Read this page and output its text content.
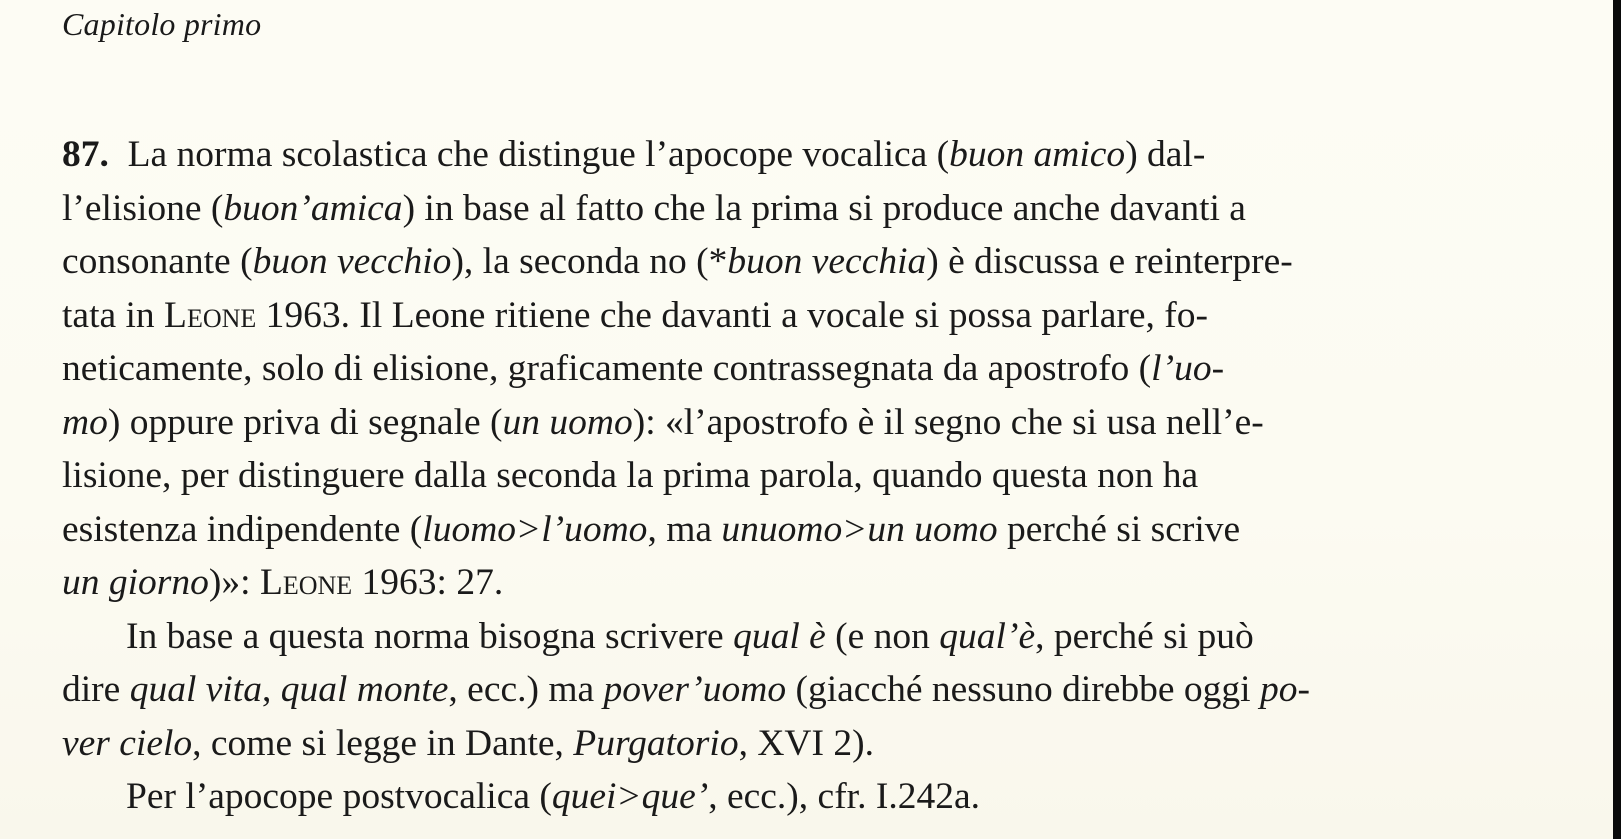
Capitolo primo
87. La norma scolastica che distingue l’apocope vocalica (buon amico) dal-
l’elisione (buon’amica) in base al fatto che la prima si produce anche davanti a
consonante (buon vecchio), la seconda no (*buon vecchia) è discussa e reinterpre-
tata in Leone 1963. Il Leone ritiene che davanti a vocale si possa parlare, fo-
neticamente, solo di elisione, graficamente contrassegnata da apostrofo (l’uo-
mo) oppure priva di segnale (un uomo): «l’apostrofo è il segno che si usa nell’e-
lisione, per distinguere dalla seconda la prima parola, quando questa non ha
esistenza indipendente (luomo>l’uomo, ma unuomo>un uomo perché si scrive
un giorno)»: Leone 1963: 27.
In base a questa norma bisogna scrivere qual è (e non qual’è, perché si può
dire qual vita, qual monte, ecc.) ma pover’uomo (giacché nessuno direbbe oggi po-
ver cielo, come si legge in Dante, Purgatorio, XVI 2).
Per l’apocope postvocalica (quei>que’, ecc.), cfr. I.242a.
